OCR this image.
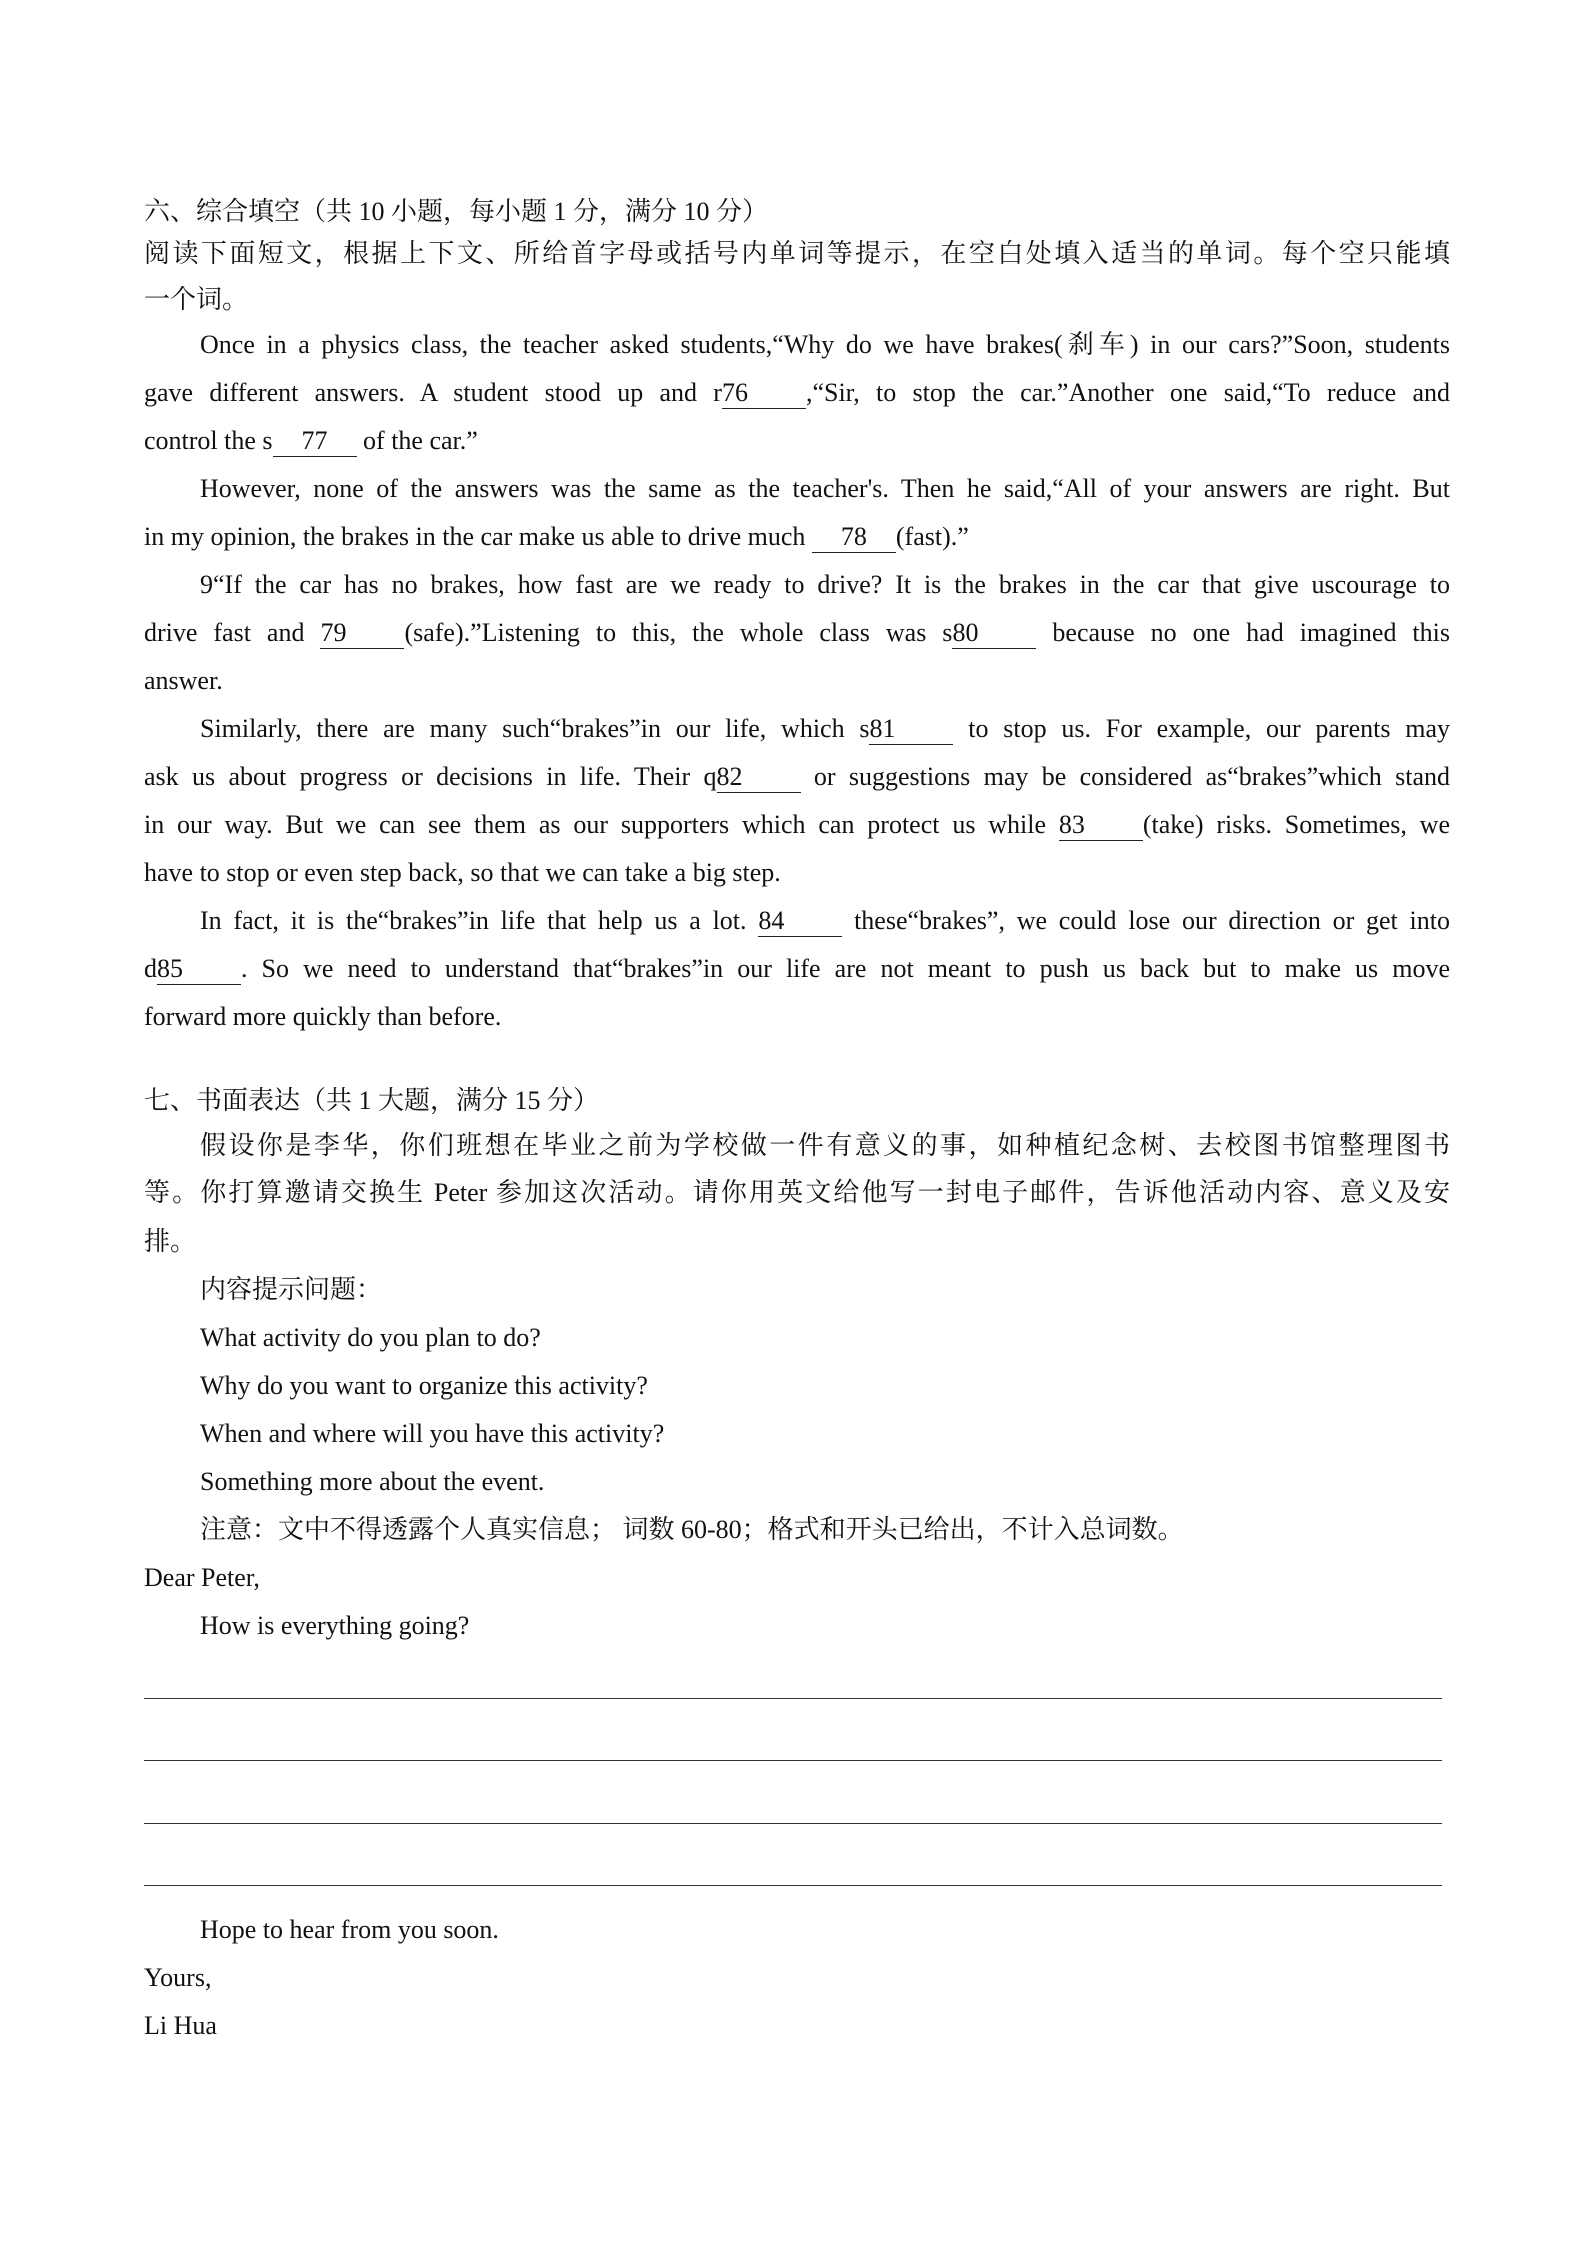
六、综合填空（共 10 小题，每小题 1 分，满分 10 分）
阅读下面短文，根据上下文、所给首字母或括号内单词等提示，在空白处填入适当的单词。每个空只能填
一个词。
Once in a physics class, the teacher asked students,“Why do we have brakes(刹车) in our cars?”Soon, students
gave different answers. A student stood up and r76 ,“Sir, to stop the car.”Another one said,“To reduce and
control the s 77 of the car.”
However, none of the answers was the same as the teacher's. Then he said,“All of your answers are right. But
in my opinion, the brakes in the car make us able to drive much 78 (fast).”
9“If the car has no brakes, how fast are we ready to drive? It is the brakes in the car that give uscourage to
drive fast and 79 (safe).”Listening to this, the whole class was s80 because no one had imagined this
answer.
Similarly, there are many such“brakes”in our life, which s81 to stop us. For example, our parents may
ask us about progress or decisions in life. Their q82 or suggestions may be considered as“brakes”which stand
in our way. But we can see them as our supporters which can protect us while 83 (take) risks. Sometimes, we
have to stop or even step back, so that we can take a big step.
In fact, it is the“brakes”in life that help us a lot. 84 these“brakes”, we could lose our direction or get into
d85 . So we need to understand that“brakes”in our life are not meant to push us back but to make us move
forward more quickly than before.
七、书面表达（共 1 大题，满分 15 分）
假设你是李华，你们班想在毕业之前为学校做一件有意义的事，如种植纪念树、去校图书馆整理图书
等。你打算邀请交换生 Peter 参加这次活动。请你用英文给他写一封电子邮件，告诉他活动内容、意义及安
排。
内容提示问题：
What activity do you plan to do?
Why do you want to organize this activity?
When and where will you have this activity?
Something more about the event.
注意：文中不得透露个人真实信息； 词数 60-80；格式和开头已给出，不计入总词数。
Dear Peter,
How is everything going?
Hope to hear from you soon.
Yours,
Li Hua
